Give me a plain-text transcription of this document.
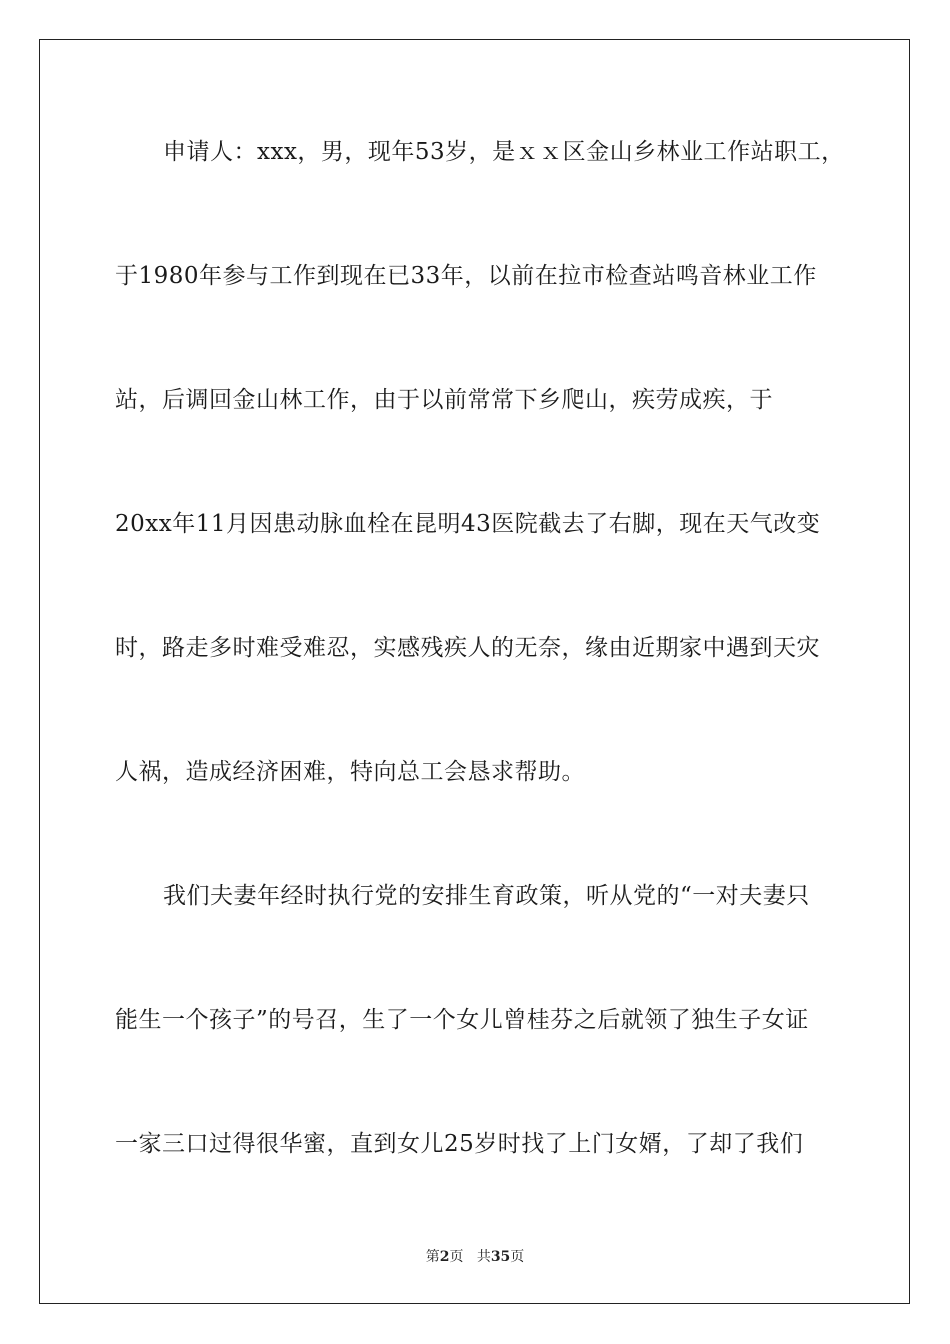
申请人：xxx，男，现年53岁，是ｘｘ区金山乡林业工作站职工，
于1980年参与工作到现在已33年，以前在拉市检查站鸣音林业工作
站，后调回金山林工作，由于以前常常下乡爬山，疾劳成疾，于
20xx年11月因患动脉血栓在昆明43医院截去了右脚，现在天气改变
时，路走多时难受难忍，实感残疾人的无奈，缘由近期家中遇到天灾
人祸，造成经济困难，特向总工会恳求帮助。
我们夫妻年经时执行党的安排生育政策，听从党的“一对夫妻只
能生一个孩子”的号召，生了一个女儿曾桂芬之后就领了独生子女证
一家三口过得很华蜜，直到女儿25岁时找了上门女婿，了却了我们
第2页 共35页
